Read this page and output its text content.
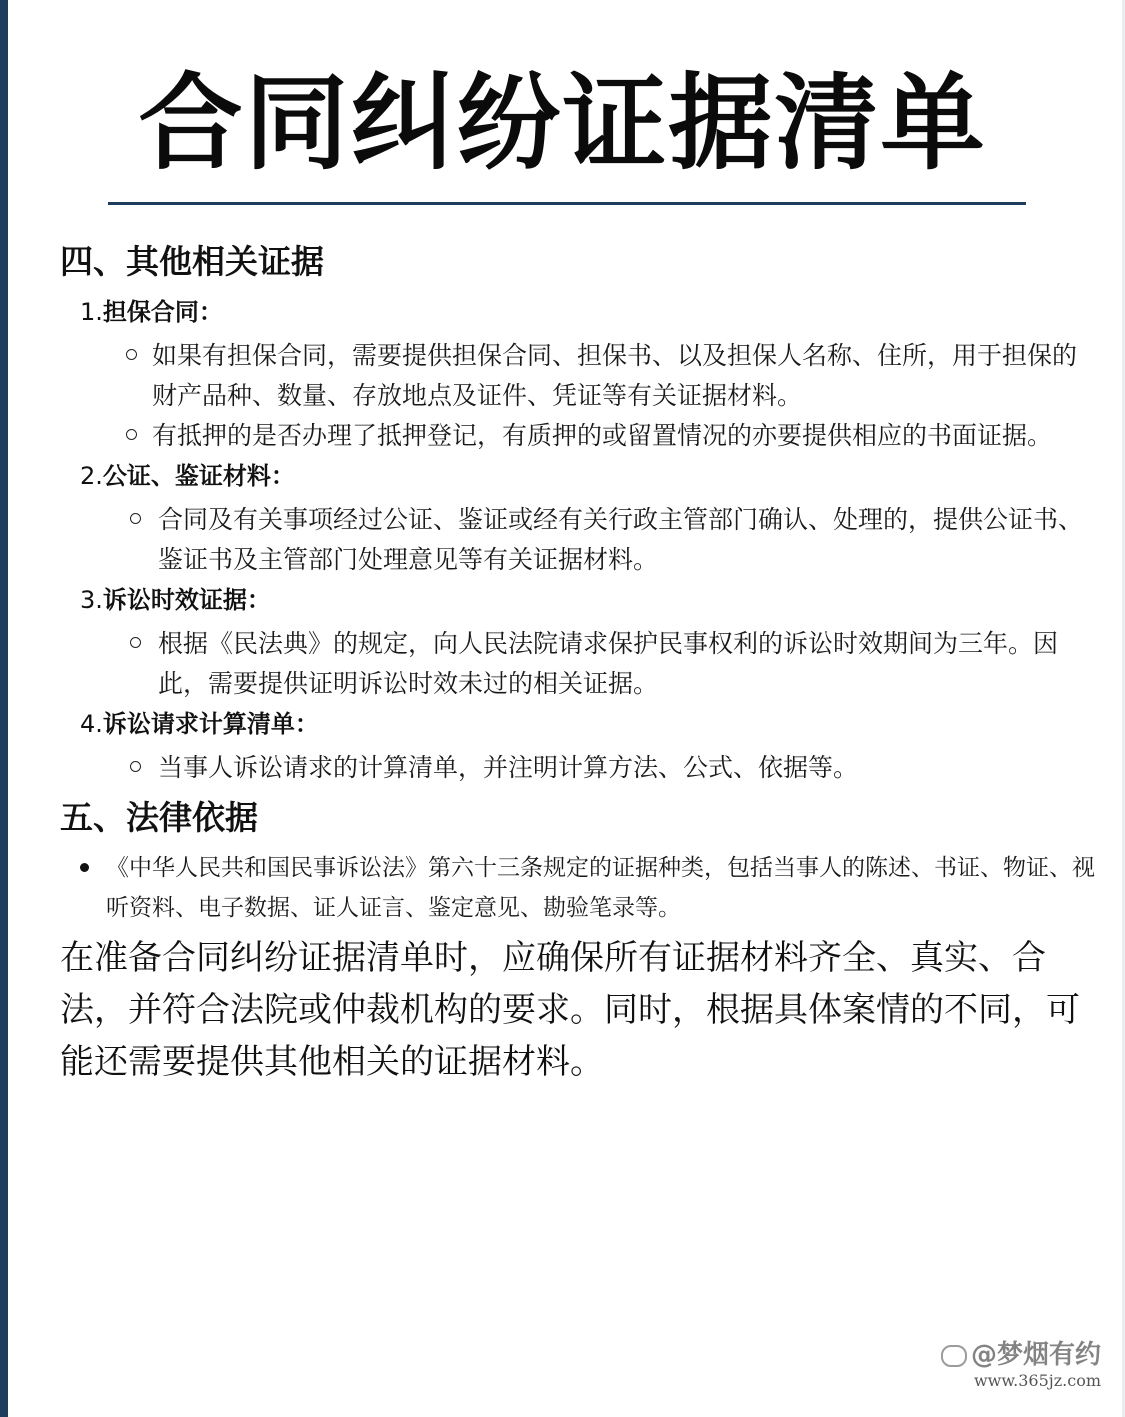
合同纠纷证据清单
四、其他相关证据
1.担保合同：
如果有担保合同，需要提供担保合同、担保书、以及担保人名称、住所，用于担保的财产品种、数量、存放地点及证件、凭证等有关证据材料。
有抵押的是否办理了抵押登记，有质押的或留置情况的亦要提供相应的书面证据。
2.公证、鉴证材料：
合同及有关事项经过公证、鉴证或经有关行政主管部门确认、处理的，提供公证书、鉴证书及主管部门处理意见等有关证据材料。
3.诉讼时效证据：
根据《民法典》的规定，向人民法院请求保护民事权利的诉讼时效期间为三年。因此，需要提供证明诉讼时效未过的相关证据。
4.诉讼请求计算清单：
当事人诉讼请求的计算清单，并注明计算方法、公式、依据等。
五、法律依据
《中华人民共和国民事诉讼法》第六十三条规定的证据种类，包括当事人的陈述、书证、物证、视听资料、电子数据、证人证言、鉴定意见、勘验笔录等。
在准备合同纠纷证据清单时，应确保所有证据材料齐全、真实、合法，并符合法院或仲裁机构的要求。同时，根据具体案情的不同，可能还需要提供其他相关的证据材料。
@梦烟有约
www.365jz.com
